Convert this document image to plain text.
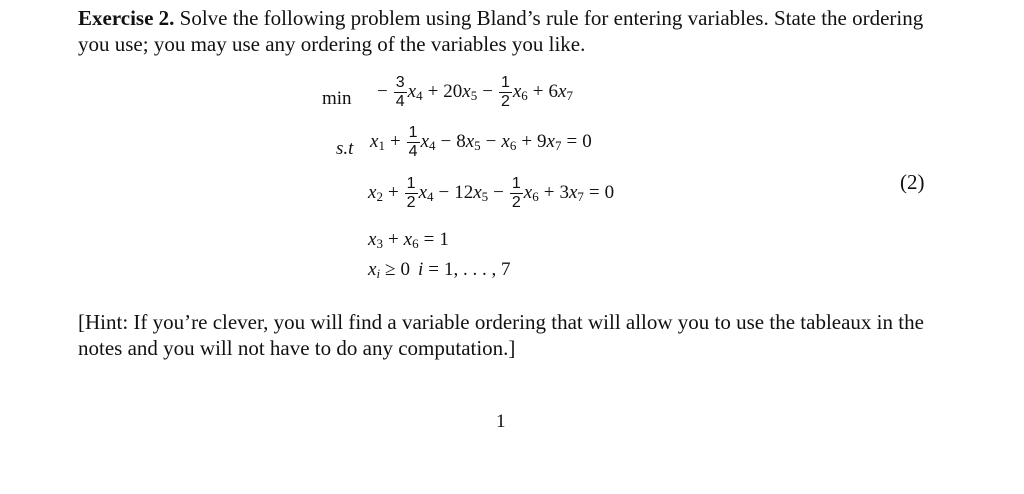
Exercise 2. Solve the following problem using Bland’s rule for entering variables. State the ordering you use; you may use any ordering of the variables you like.
min
s.t
− $\frac{3}{4} x_4 + 20x_5 - \frac{1}{2} x_6 + 6x_7$
$x_1 + \frac{1}{4} x_4 - 8x_5 - x_6 + 9x_7 = 0$
$x_2 + \frac{1}{2} x_4 - 12x_5 - \frac{1}{2} x_6 + 3x_7 = 0$
$x_3 + x_6 = 1$
$x_i \ge 0$ i = 1, . . . , 7
(2)
[Hint: If you’re clever, you will find a variable ordering that will allow you to use the tableaux in the notes and you will not have to do any computation.]
1
